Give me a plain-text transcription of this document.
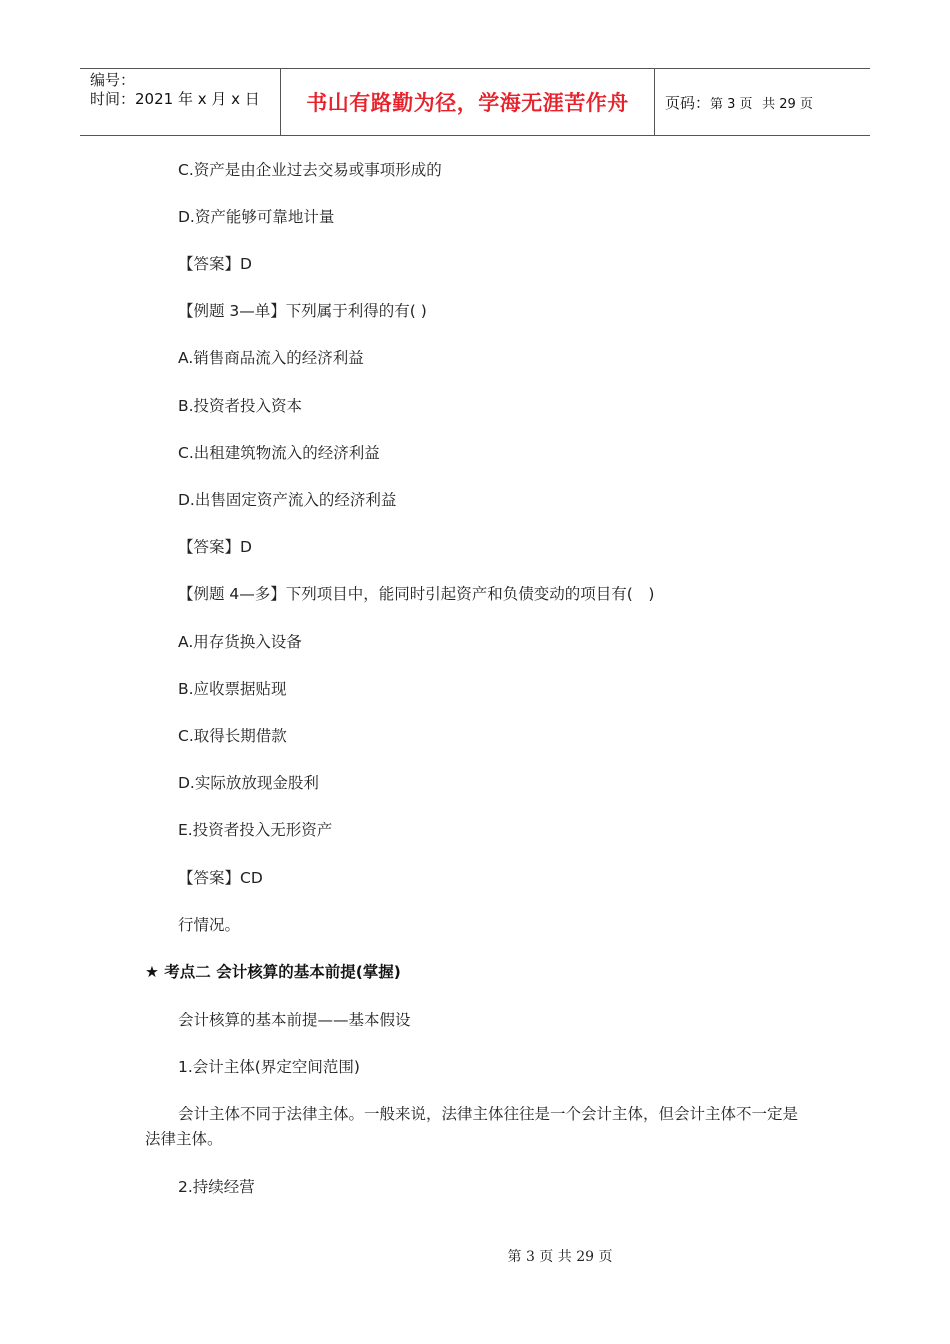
编号：
时间：2021 年 x 月 x 日	书山有路勤为径，学海无涯苦作舟	页码：第 3 页 共 29 页
C.资产是由企业过去交易或事项形成的
D.资产能够可靠地计量
【答案】D
【例题 3—单】下列属于利得的有( )
A.销售商品流入的经济利益
B.投资者投入资本
C.出租建筑物流入的经济利益
D.出售固定资产流入的经济利益
【答案】D
【例题 4—多】下列项目中，能同时引起资产和负债变动的项目有(　)
A.用存货换入设备
B.应收票据贴现
C.取得长期借款
D.实际放放现金股利
E.投资者投入无形资产
【答案】CD
行情况。
★ 考点二 会计核算的基本前提(掌握)
会计核算的基本前提——基本假设
1.会计主体(界定空间范围)
会计主体不同于法律主体。一般来说，法律主体往往是一个会计主体，但会计主体不一定是法律主体。
2.持续经营
第 3 页 共 29 页
